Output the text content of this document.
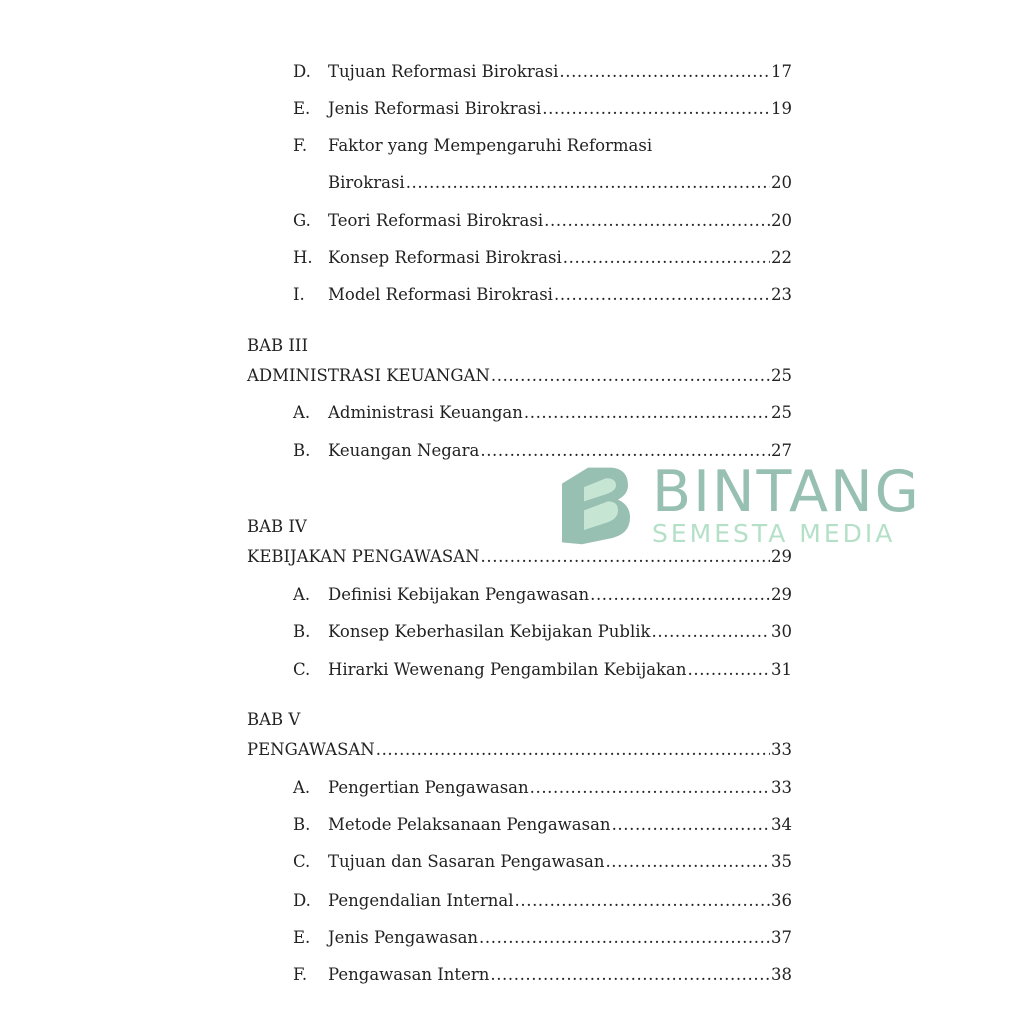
D. Tujuan Reformasi Birokrasi .....	17
E. Jenis Reformasi Birokrasi .....	19
F. Faktor yang Mempengaruhi Reformasi
Birokrasi .....	20
G. Teori Reformasi Birokrasi .....	20
H. Konsep Reformasi Birokrasi .....	22
I. Model Reformasi Birokrasi .....	23
BAB III
ADMINISTRASI KEUANGAN .....	25
A. Administrasi Keuangan .....	25
B. Keuangan Negara .....	27
BAB IV
KEBIJAKAN PENGAWASAN .....	29
A. Definisi Kebijakan Pengawasan .....	29
B. Konsep Keberhasilan Kebijakan Publik .....	30
C. Hirarki Wewenang Pengambilan Kebijakan .....	31
BAB V
PENGAWASAN .....	33
A. Pengertian Pengawasan .....	33
B. Metode Pelaksanaan Pengawasan .....	34
C. Tujuan dan Sasaran Pengawasan .....	35
D. Pengendalian Internal .....	36
E. Jenis Pengawasan .....	37
F. Pengawasan Intern .....	38
BINTANG
SEMESTA MEDIA
